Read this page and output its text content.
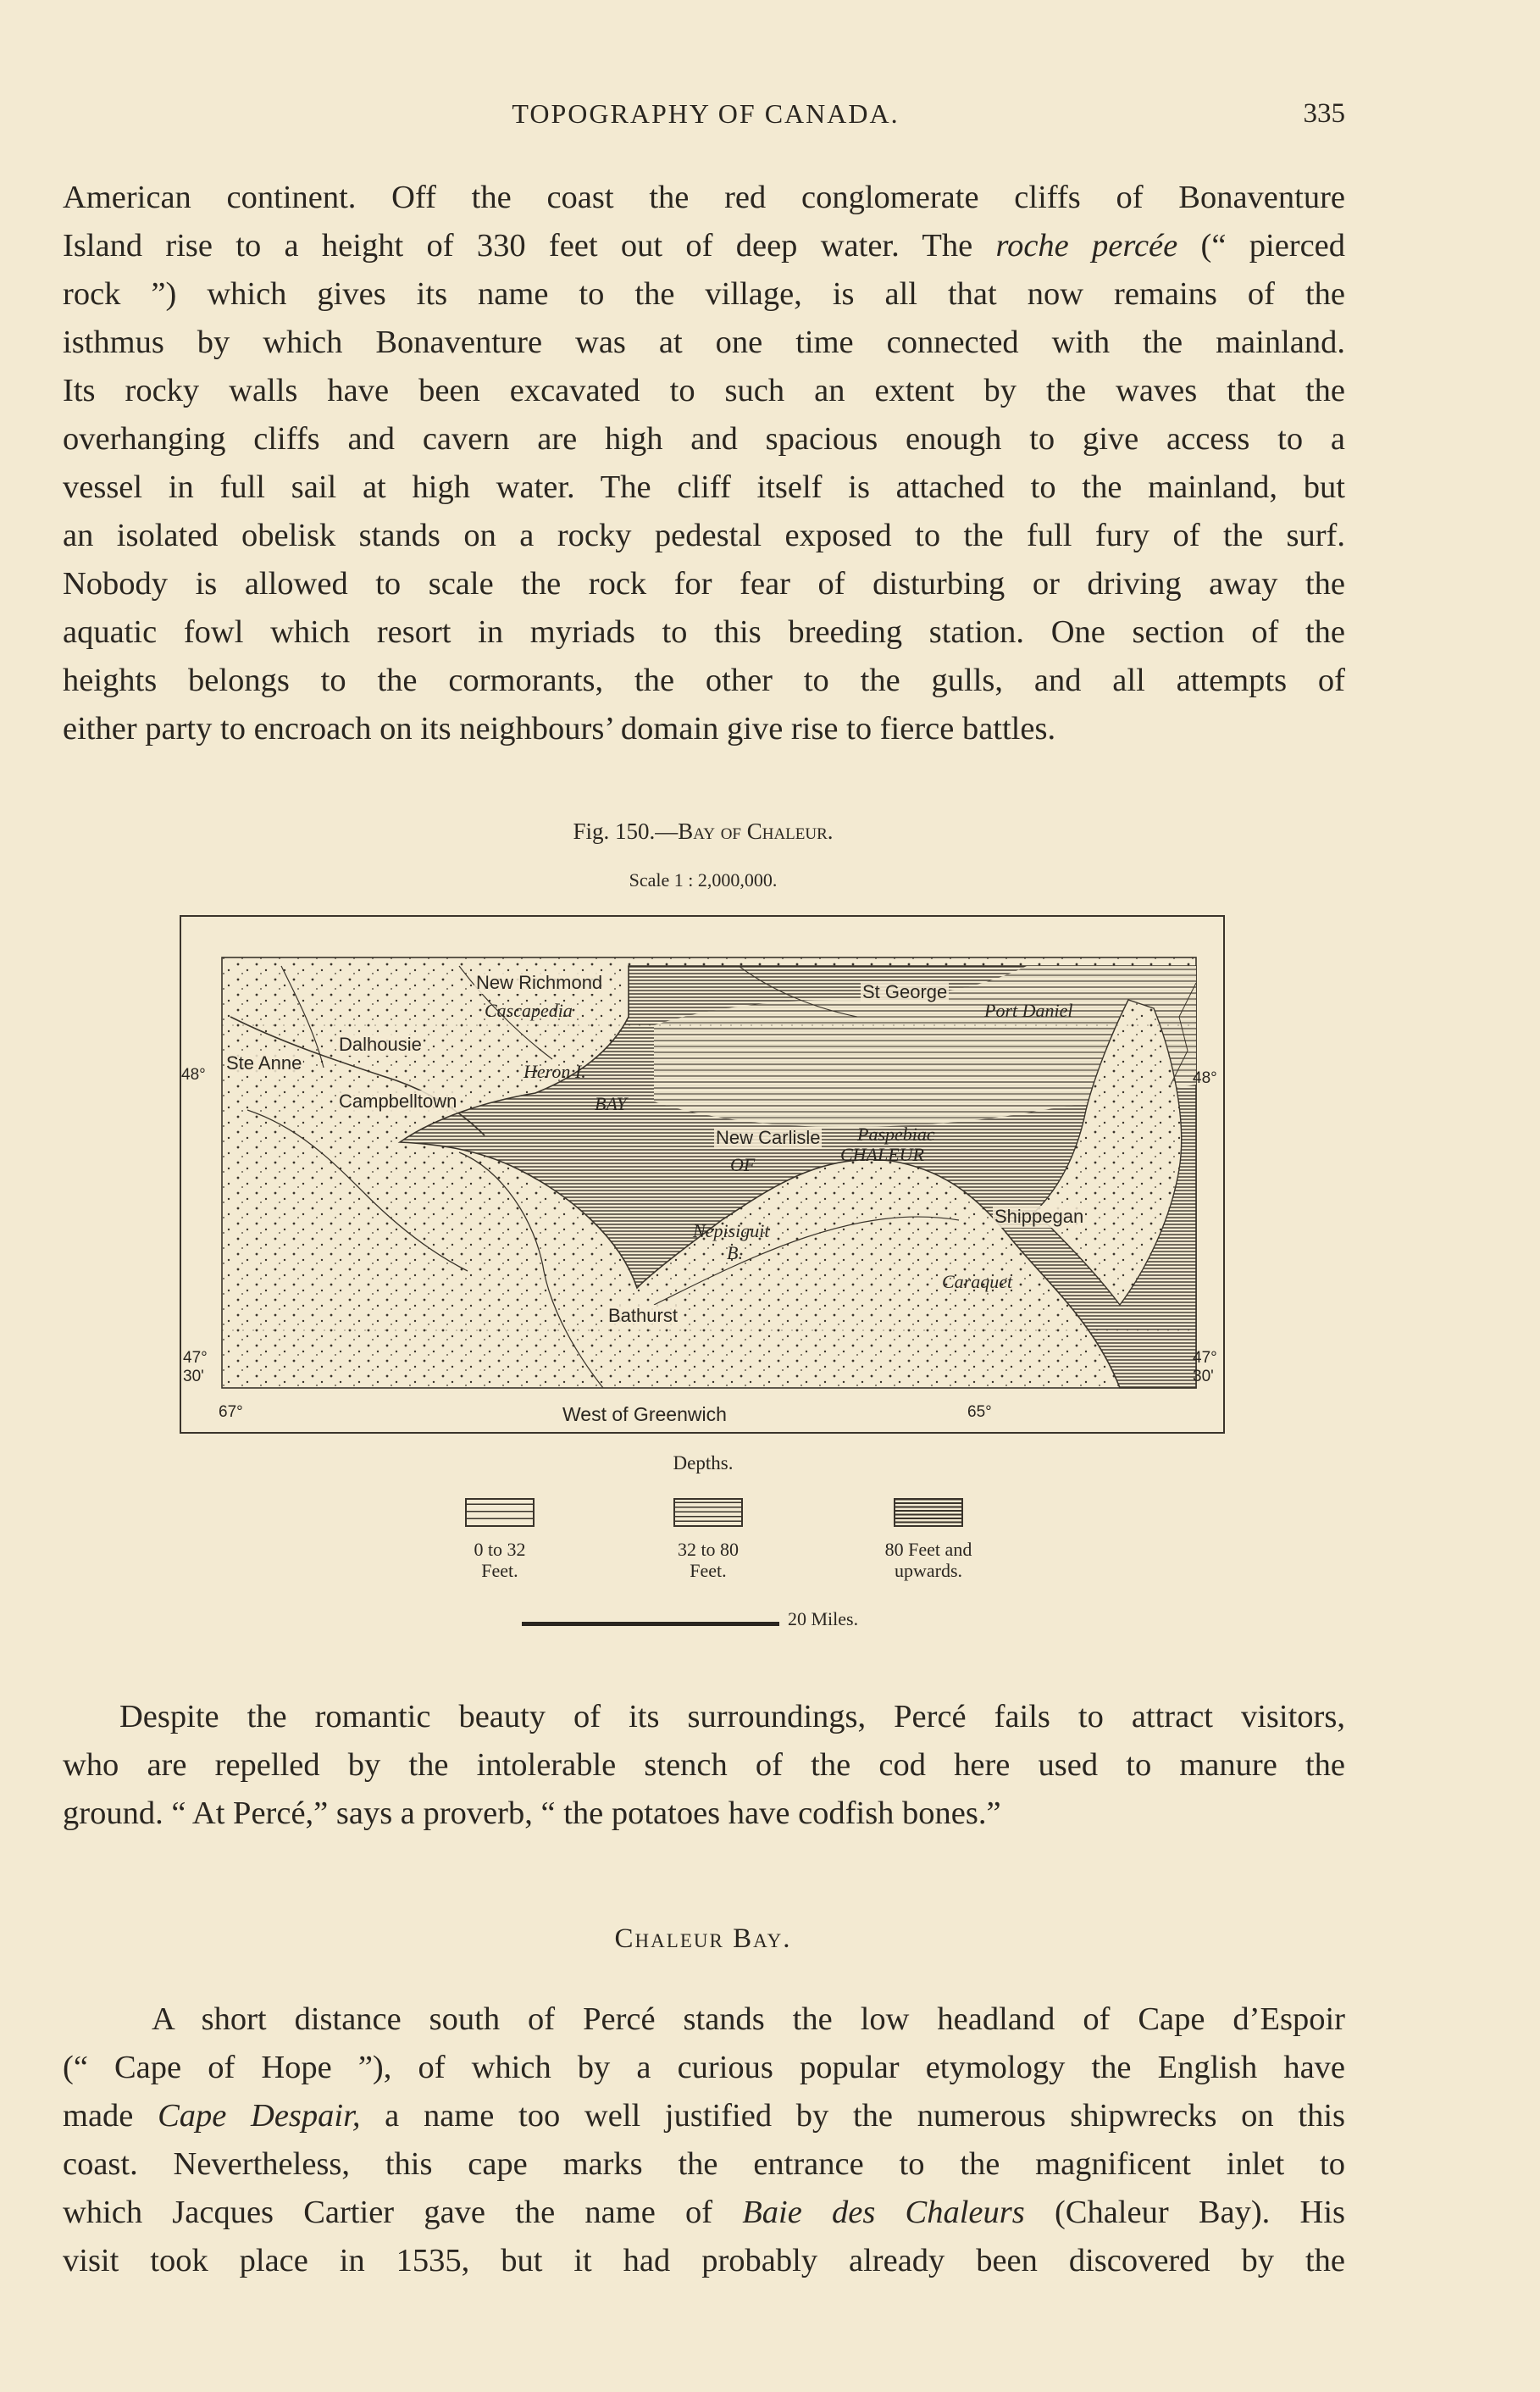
TOPOGRAPHY OF CANADA.	335
American continent. Off the coast the red conglomerate cliffs of Bonaventure
Island rise to a height of 330 feet out of deep water. The roche percée (“ pierced
rock ”) which gives its name to the village, is all that now remains of the
isthmus by which Bonaventure was at one time connected with the mainland.
Its rocky walls have been excavated to such an extent by the waves that the
overhanging cliffs and cavern are high and spacious enough to give access to a
vessel in full sail at high water. The cliff itself is attached to the mainland, but
an isolated obelisk stands on a rocky pedestal exposed to the full fury of the surf.
Nobody is allowed to scale the rock for fear of disturbing or driving away the
aquatic fowl which resort in myriads to this breeding station. One section of the
heights belongs to the cormorants, the other to the gulls, and all attempts of
either party to encroach on its neighbours’ domain give rise to fierce battles.
Fig. 150.—Bay of Chaleur.
Scale 1 : 2,000,000.
New Richmond
Cascapedia
St George
Port Daniel
Dalhousie
Ste Anne	Heron I.
Campbelltown
New Carlisle Paspebiac
BAY
OF	CHALEUR
Nepisiguit
B.
Shippegan
Bathurst
Caraquet
48°	48°
47°
30'
47°
30'
67°	65°
West of Greenwich
Depths.
0 to 32
Feet.
32 to 80
Feet.
80 Feet and
upwards.
20 Miles.
Despite the romantic beauty of its surroundings, Percé fails to attract visitors,
who are repelled by the intolerable stench of the cod here used to manure the
ground. “ At Percé,” says a proverb, “ the potatoes have codfish bones.”
Chaleur Bay.
A short distance south of Percé stands the low headland of Cape d’Espoir
(“ Cape of Hope ”), of which by a curious popular etymology the English have
made Cape Despair, a name too well justified by the numerous shipwrecks on this
coast. Nevertheless, this cape marks the entrance to the magnificent inlet to
which Jacques Cartier gave the name of Baie des Chaleurs (Chaleur Bay). His
visit took place in 1535, but it had probably already been discovered by the
